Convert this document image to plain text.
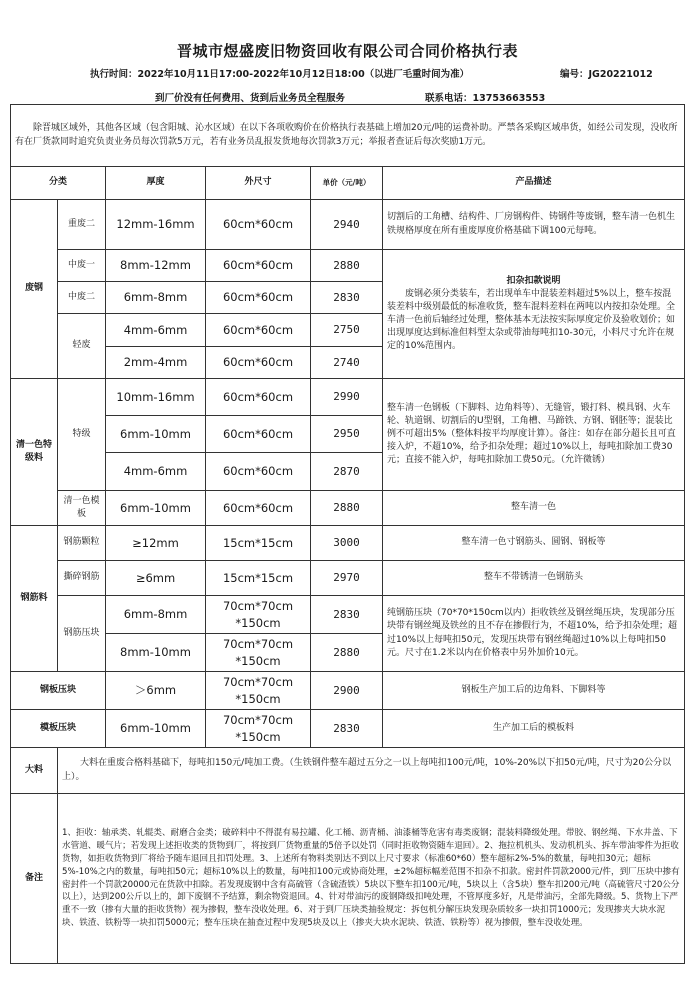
晋城市煜盛废旧物资回收有限公司合同价格执行表
执行时间：2022年10月11日17:00-2022年10月12日18:00（以进厂毛重时间为准）	编号：JG20221012
到厂价没有任何费用、货到后业务员全程服务	联系电话：13753663553
除晋城区域外，其他各区域（包含阳城、沁水区域）在以下各项收购价在价格执行表基础上增加20元/吨的运费补助。严禁各采购区域串货，如经公司发现，没收所有在厂货款同时追究负责业务员每次罚款5万元，若有业务员乱报发货地每次罚款3万元；举报者查证后每次奖励1万元。					

分类		厚度	外尺寸	单价（元/吨）	产品描述
废钢	重废二	12mm-16mm	60cm*60cm	2940	切割后的工角槽、结构件、厂房钢构件、铸钢件等废钢，整车清一色机生铁规格厚度在所有重废厚度价格基础下调100元每吨。
	中废一	8mm-12mm	60cm*60cm	2880	扣杂扣款说明
废钢必须分类装车，若出现单车中混装差料超过5%以上，整车按混装差料中级别最低的标准收货，整车混料差料在两吨以内按扣杂处理。全车清一色前后轴经过处理，整体基本无法按实际厚度定价及验收划价；如出现厚度达到标准但料型太杂或带油每吨扣10-30元，小料尺寸允许在规定的10%范围内。

	中废二	6mm-8mm	60cm*60cm	2830	
	轻废	4mm-6mm	60cm*60cm	2750	
		2mm-4mm	60cm*60cm	2740	
清一色特级料	特级	10mm-16mm	60cm*60cm	2990	整车清一色钢板（下脚料、边角料等）、无缝管，锻打料、模具钢、火车轮、轨道钢、切割后的U型钢，工角槽、马蹄铁、方钢、钢胚等；混装比例不可超出5%（整体料按平均厚度计算）。备注：如存在部分超长且可直接入炉，不超10%，给予扣杂处理；超过10%以上，每吨扣除加工费30元；直接不能入炉，每吨扣除加工费50元。（允许微锈）
		6mm-10mm	60cm*60cm	2950	
		4mm-6mm	60cm*60cm	2870	
	清一色模板	6mm-10mm	60cm*60cm	2880	整车清一色
钢筋料	钢筋颗粒	≥12mm	15cm*15cm	3000	整车清一色寸钢筋头、圆钢、钢板等
	撕碎钢筋	≥6mm	15cm*15cm	2970	整车不带锈清一色钢筋头
	钢筋压块	6mm-8mm	70cm*70cm *150cm	2830	纯钢筋压块（70*70*150cm以内）拒收铁丝及钢丝绳压块，发现部分压块带有钢丝绳及铁丝的且不存在掺假行为，不超10%，给予扣杂处理；超过10%以上每吨扣50元，发现压块带有钢丝绳超过10%以上每吨扣50元。尺寸在1.2米以内在价格表中另外加价10元。
		8mm-10mm	70cm*70cm *150cm	2880	
钢板压块		＞6mm	70cm*70cm *150cm	2900	钢板生产加工后的边角料、下脚料等
模板压块		6mm-10mm	70cm*70cm *150cm	2830	生产加工后的模板料
大料	大料在重废合格料基础下，每吨扣150元/吨加工费。（生铁钢件整车超过五分之一以上每吨扣100元/吨，10%-20%以下扣50元/吨，尺寸为20公分以上）。				

备注	1、拒收：轴承类、轧辊类、耐磨合金类；破碎料中不得混有易拉罐、化工桶、沥青桶、油漆桶等危害有毒类废钢；混装料降级处理。带胶、钢丝绳、下水井盖、下水管道、暖气片；若发现上述拒收类的货物到厂，将按到厂货物重量的5倍予以处罚（同时拒收物资随车退回）。2、拖拉机机头、发动机机头、拆车带油零件为拒收货物，如拒收货物到厂将给予随车退回且扣罚处理。3、上述所有物料类别达不到以上尺寸要求（标准60*60）整车超标2%-5%的数量，每吨扣30元；超标5%-10%之内的数量，每吨扣50元；超标10%以上的数量，每吨扣100元或协商处理，±2%超标幅差范围不扣杂不扣款。密封件罚款2000元/件，到厂压块中掺有密封件一个罚款20000元在货款中扣除。若发现废钢中含有高硫管（含硫渣铁）5块以下整车扣100元/吨，5块以上（含5块）整车扣200元/吨（高硫管尺寸20公分以上），达到200公斤以上的，卸下废钢不予结算，剩余物资退回。4、针对带油污的废钢降级扣吨处理，不管厚度多好，凡是带油污，全部先降级。5、货物上下严重不一致（掺有大量的拒收货物）视为掺假，整车没收处理。6、对于到厂压块类抽验规定：拆包机分解压块发现杂质较多一块扣罚1000元；发现掺夹大块水泥块、铁渣、铁粉等一块扣罚5000元；整车压块在抽查过程中发现5块及以上（掺夹大块水泥块、铁渣、铁粉等）视为掺假，整车没收处理。				
